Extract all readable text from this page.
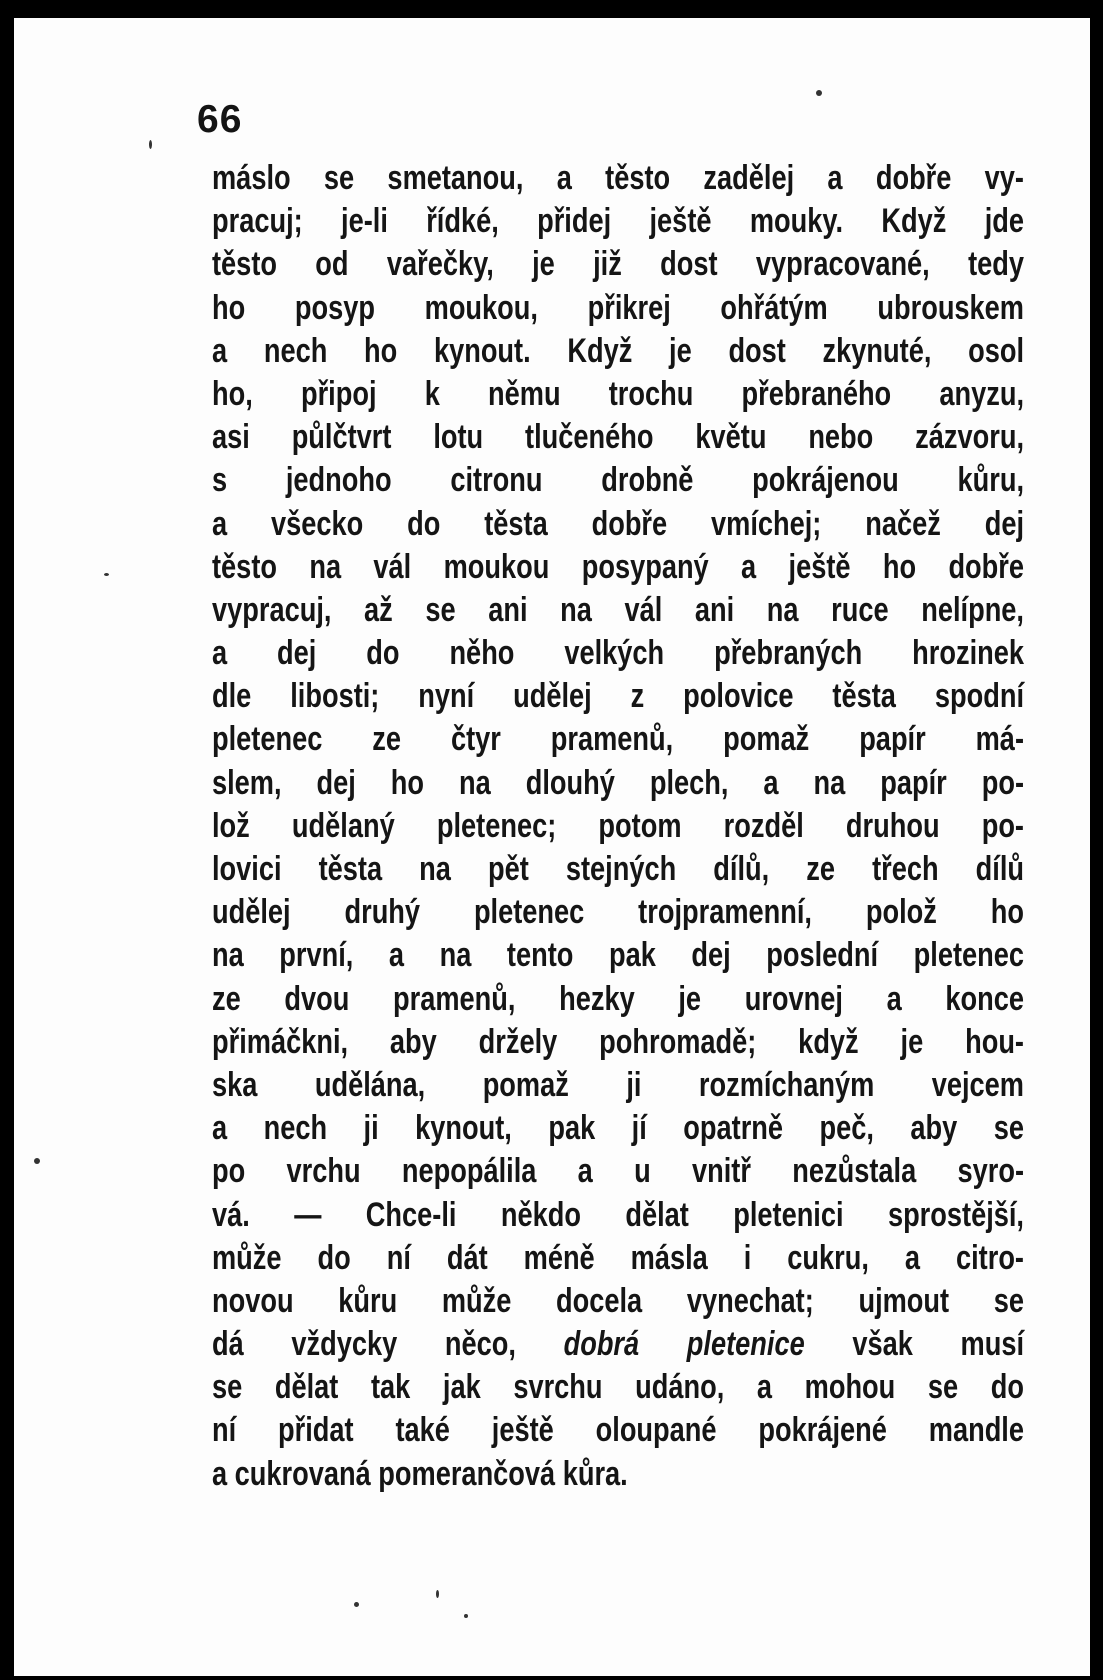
66
máslo se smetanou, a těsto zadělej a dobře vy-
pracuj; je-li řídké, přidej ještě mouky. Když jde
těsto od vařečky, je již dost vypracované, tedy
ho posyp moukou, přikrej ohřátým ubrouskem
a nech ho kynout. Když je dost zkynuté, osol
ho, připoj k němu trochu přebraného anyzu,
asi půlčtvrt lotu tlučeného květu nebo zázvoru,
s jednoho citronu drobně pokrájenou kůru,
a všecko do těsta dobře vmíchej; načež dej
těsto na vál moukou posypaný a ještě ho dobře
vypracuj, až se ani na vál ani na ruce nelípne,
a dej do něho velkých přebraných hrozinek
dle libosti; nyní udělej z polovice těsta spodní
pletenec ze čtyr pramenů, pomaž papír má-
slem, dej ho na dlouhý plech, a na papír po-
lož udělaný pletenec; potom rozděl druhou po-
lovici těsta na pět stejných dílů, ze třech dílů
udělej druhý pletenec trojpramenní, polož ho
na první, a na tento pak dej poslední pletenec
ze dvou pramenů, hezky je urovnej a konce
přimáčkni, aby držely pohromadě; když je hou-
ska udělána, pomaž ji rozmíchaným vejcem
a nech ji kynout, pak jí opatrně peč, aby se
po vrchu nepopálila a u vnitř nezůstala syro-
vá. — Chce-li někdo dělat pletenici sprostější,
může do ní dát méně másla i cukru, a citro-
novou kůru může docela vynechat; ujmout se
dá vždycky něco, dobrá pletenice však musí
se dělat tak jak svrchu udáno, a mohou se do
ní přidat také ještě oloupané pokrájené mandle
a cukrovaná pomerančová kůra.
